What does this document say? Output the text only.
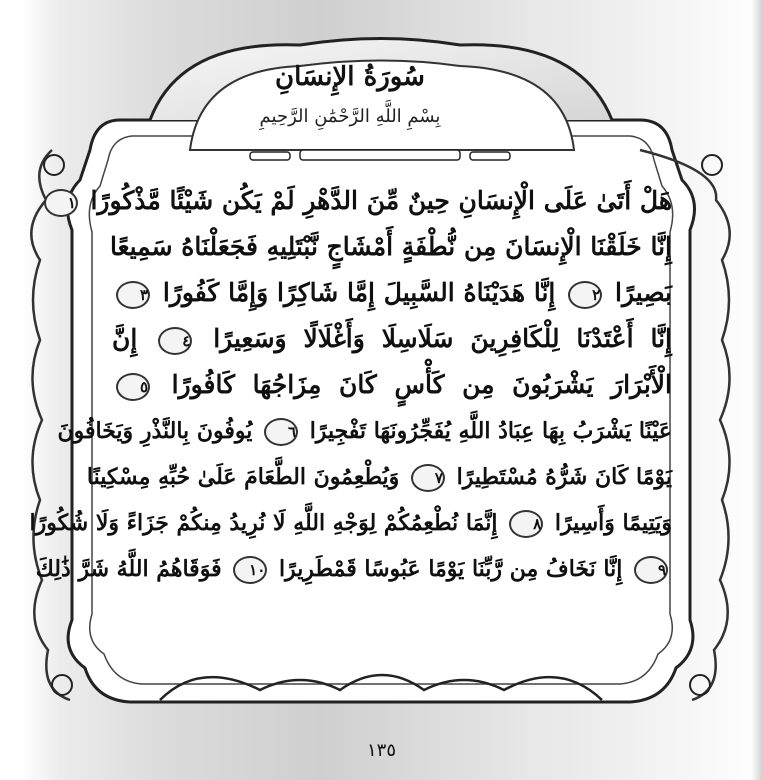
سُورَةُ الإِنسَانِ
بِسْمِ اللَّهِ الرَّحْمَٰنِ الرَّحِيمِ
هَلْ أَتَىٰ عَلَى الْإِنسَانِ حِينٌ مِّنَ الدَّهْرِ لَمْ يَكُن شَيْئًا مَّذْكُورًا ١
إِنَّا خَلَقْنَا الْإِنسَانَ مِن نُّطْفَةٍ أَمْشَاجٍ نَّبْتَلِيهِ فَجَعَلْنَاهُ سَمِيعًا
بَصِيرًا ٢ إِنَّا هَدَيْنَاهُ السَّبِيلَ إِمَّا شَاكِرًا وَإِمَّا كَفُورًا ٣
إِنَّا أَعْتَدْنَا لِلْكَافِرِينَ سَلَاسِلَا وَأَغْلَالًا وَسَعِيرًا ٤ إِنَّ
الْأَبْرَارَ يَشْرَبُونَ مِن كَأْسٍ كَانَ مِزَاجُهَا كَافُورًا ٥
عَيْنًا يَشْرَبُ بِهَا عِبَادُ اللَّهِ يُفَجِّرُونَهَا تَفْجِيرًا ٦ يُوفُونَ بِالنَّذْرِ وَيَخَافُونَ
يَوْمًا كَانَ شَرُّهُ مُسْتَطِيرًا ٧ وَيُطْعِمُونَ الطَّعَامَ عَلَىٰ حُبِّهِ مِسْكِينًا
وَيَتِيمًا وَأَسِيرًا ٨ إِنَّمَا نُطْعِمُكُمْ لِوَجْهِ اللَّهِ لَا نُرِيدُ مِنكُمْ جَزَاءً وَلَا شُكُورًا
٩ إِنَّا نَخَافُ مِن رَّبِّنَا يَوْمًا عَبُوسًا قَمْطَرِيرًا ١٠ فَوَقَاهُمُ اللَّهُ شَرَّ ذَٰلِكَ
١٣٥
